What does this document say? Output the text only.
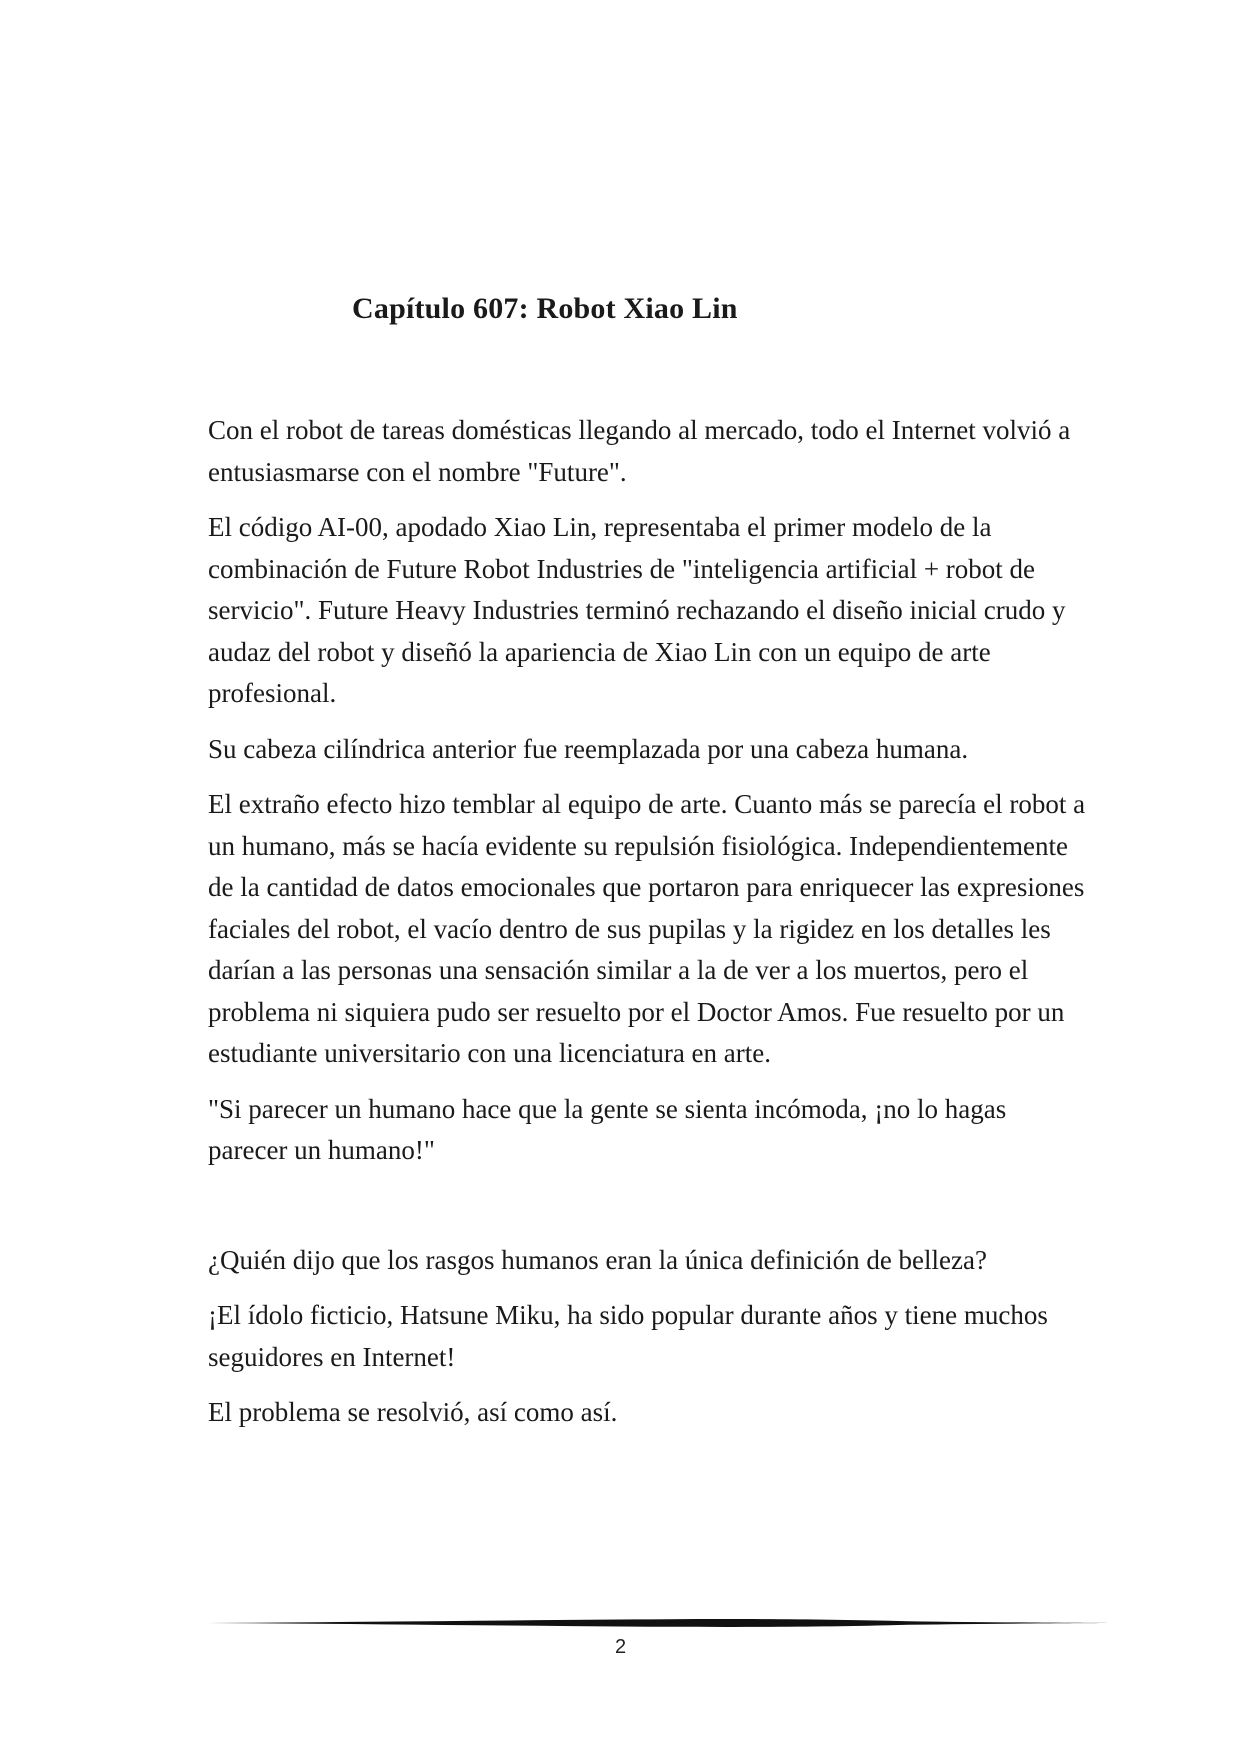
Capítulo 607: Robot Xiao Lin

Con el robot de tareas domésticas llegando al mercado, todo el Internet volvió a entusiasmarse con el nombre "Future".

El código AI-00, apodado Xiao Lin, representaba el primer modelo de la combinación de Future Robot Industries de "inteligencia artificial + robot de servicio". Future Heavy Industries terminó rechazando el diseño inicial crudo y audaz del robot y diseñó la apariencia de Xiao Lin con un equipo de arte profesional.

Su cabeza cilíndrica anterior fue reemplazada por una cabeza humana.

El extraño efecto hizo temblar al equipo de arte. Cuanto más se parecía el robot a un humano, más se hacía evidente su repulsión fisiológica. Independientemente de la cantidad de datos emocionales que portaron para enriquecer las expresiones faciales del robot, el vacío dentro de sus pupilas y la rigidez en los detalles les darían a las personas una sensación similar a la de ver a los muertos, pero el problema ni siquiera pudo ser resuelto por el Doctor Amos. Fue resuelto por un estudiante universitario con una licenciatura en arte.

"Si parecer un humano hace que la gente se sienta incómoda, ¡no lo hagas parecer un humano!"

¿Quién dijo que los rasgos humanos eran la única definición de belleza?

¡El ídolo ficticio, Hatsune Miku, ha sido popular durante años y tiene muchos seguidores en Internet!

El problema se resolvió, así como así.

2
